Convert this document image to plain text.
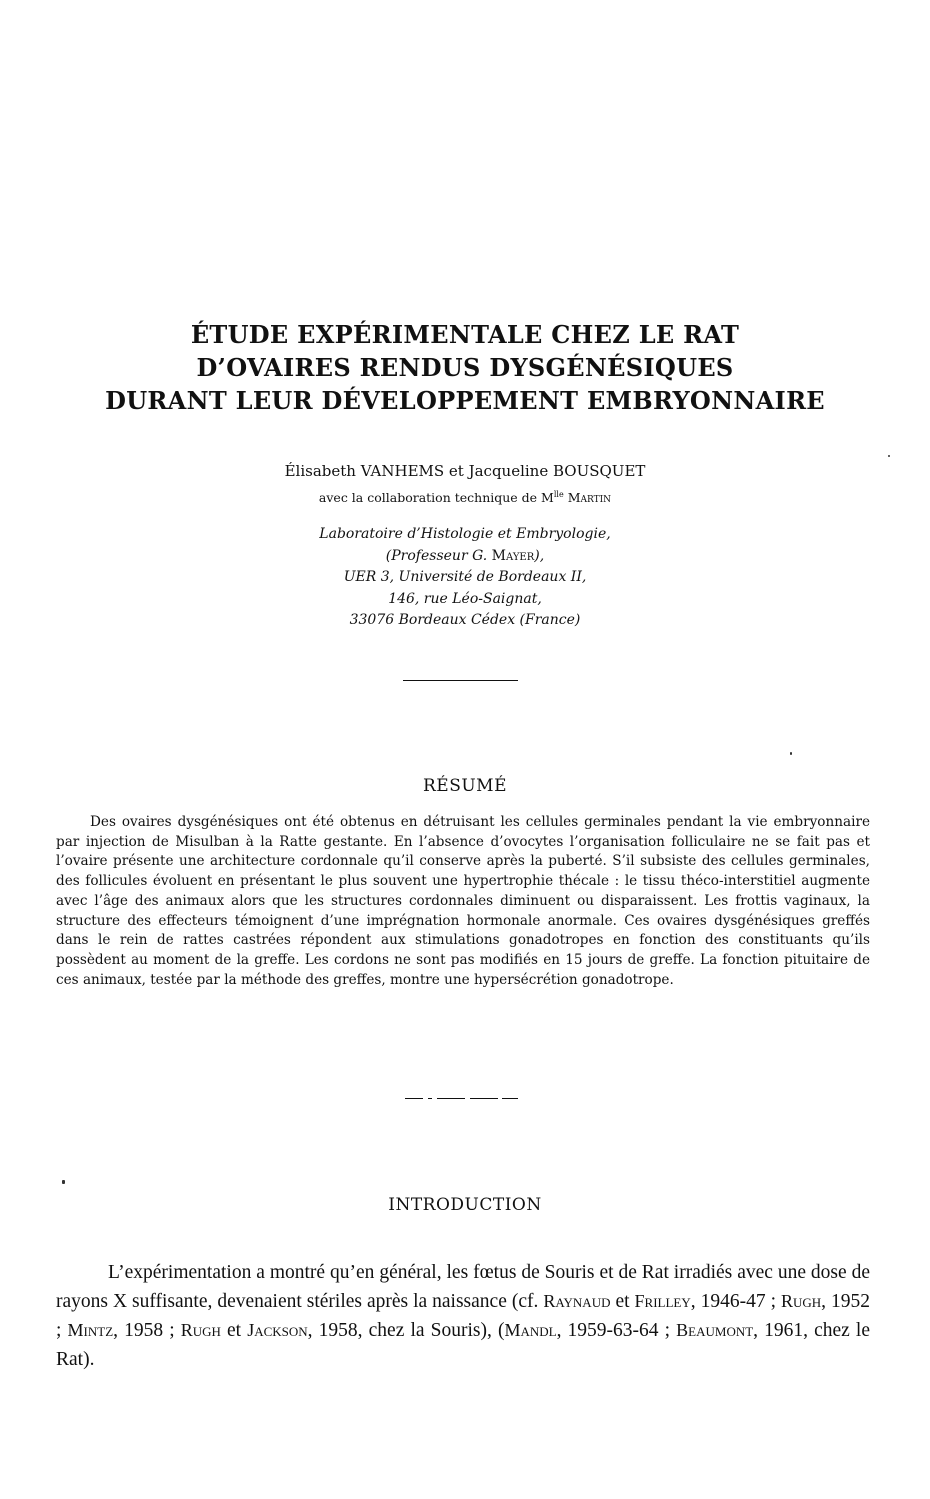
ÉTUDE EXPÉRIMENTALE CHEZ LE RAT
D’OVAIRES RENDUS DYSGÉNÉSIQUES
DURANT LEUR DÉVELOPPEMENT EMBRYONNAIRE
Élisabeth VANHEMS et Jacqueline BOUSQUET
avec la collaboration technique de $M^{lle}$ Martin
Laboratoire d’Histologie et Embryologie,
(Professeur G. Mayer),
UER 3, Université de Bordeaux II,
146, rue Léo-Saignat,
33076 Bordeaux Cédex (France)
RÉSUMÉ
Des ovaires dysgénésiques ont été obtenus en détruisant les cellules germinales pendant la vie embryonnaire par injection de Misulban à la Ratte gestante. En l’absence d’ovocytes l’organisation folliculaire ne se fait pas et l’ovaire présente une architecture cordonnale qu’il conserve après la puberté. S’il subsiste des cellules germinales, des follicules évoluent en présentant le plus souvent une hypertrophie thécale : le tissu théco-interstitiel augmente avec l’âge des animaux alors que les structures cordonnales diminuent ou disparaissent. Les frottis vaginaux, la structure des effecteurs témoignent d’une imprégnation hormonale anormale. Ces ovaires dysgénésiques greffés dans le rein de rattes castrées répondent aux stimulations gonadotropes en fonction des constituants qu’ils possèdent au moment de la greffe. Les cordons ne sont pas modifiés en 15 jours de greffe. La fonction pituitaire de ces animaux, testée par la méthode des greffes, montre une hypersécrétion gonadotrope.
INTRODUCTION
L’expérimentation a montré qu’en général, les fœtus de Souris et de Rat irradiés avec une dose de rayons X suffisante, devenaient stériles après la naissance (cf. Raynaud et Frilley, 1946-47 ; Rugh, 1952 ; Mintz, 1958 ; Rugh et Jackson, 1958, chez la Souris), (Mandl, 1959-63-64 ; Beaumont, 1961, chez le Rat).
